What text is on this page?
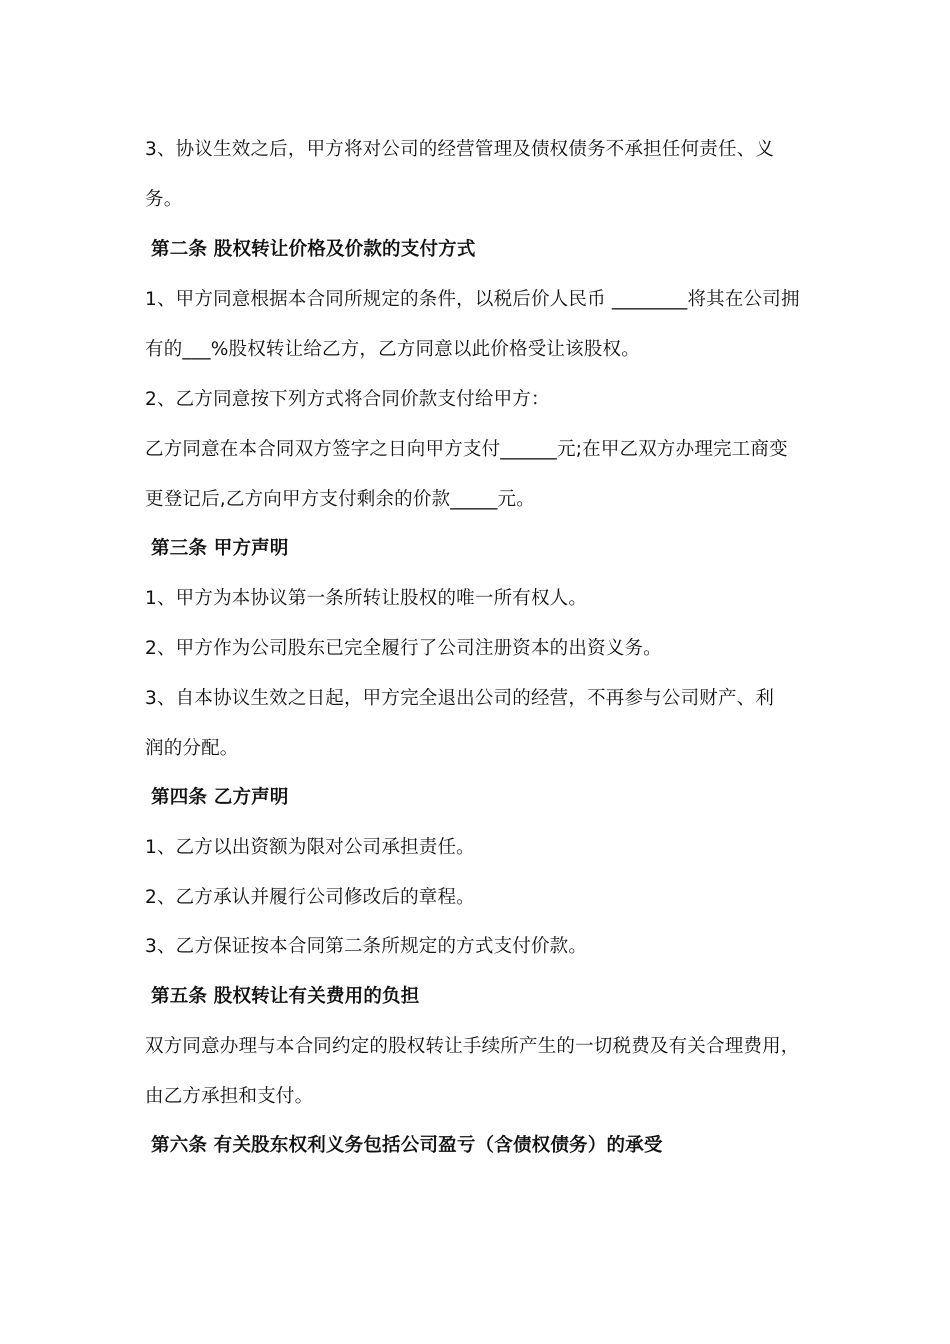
3、协议生效之后，甲方将对公司的经营管理及债权债务不承担任何责任、义
务。
第二条 股权转让价格及价款的支付方式
1、甲方同意根据本合同所规定的条件，以税后价人民币 ________将其在公司拥
有的___%股权转让给乙方，乙方同意以此价格受让该股权。
2、乙方同意按下列方式将合同价款支付给甲方：
乙方同意在本合同双方签字之日向甲方支付______元;在甲乙双方办理完工商变
更登记后,乙方向甲方支付剩余的价款_____元。
第三条 甲方声明
1、甲方为本协议第一条所转让股权的唯一所有权人。
2、甲方作为公司股东已完全履行了公司注册资本的出资义务。
3、自本协议生效之日起，甲方完全退出公司的经营，不再参与公司财产、利
润的分配。
第四条 乙方声明
1、乙方以出资额为限对公司承担责任。
2、乙方承认并履行公司修改后的章程。
3、乙方保证按本合同第二条所规定的方式支付价款。
第五条 股权转让有关费用的负担
双方同意办理与本合同约定的股权转让手续所产生的一切税费及有关合理费用，
由乙方承担和支付。
第六条 有关股东权利义务包括公司盈亏（含债权债务）的承受
